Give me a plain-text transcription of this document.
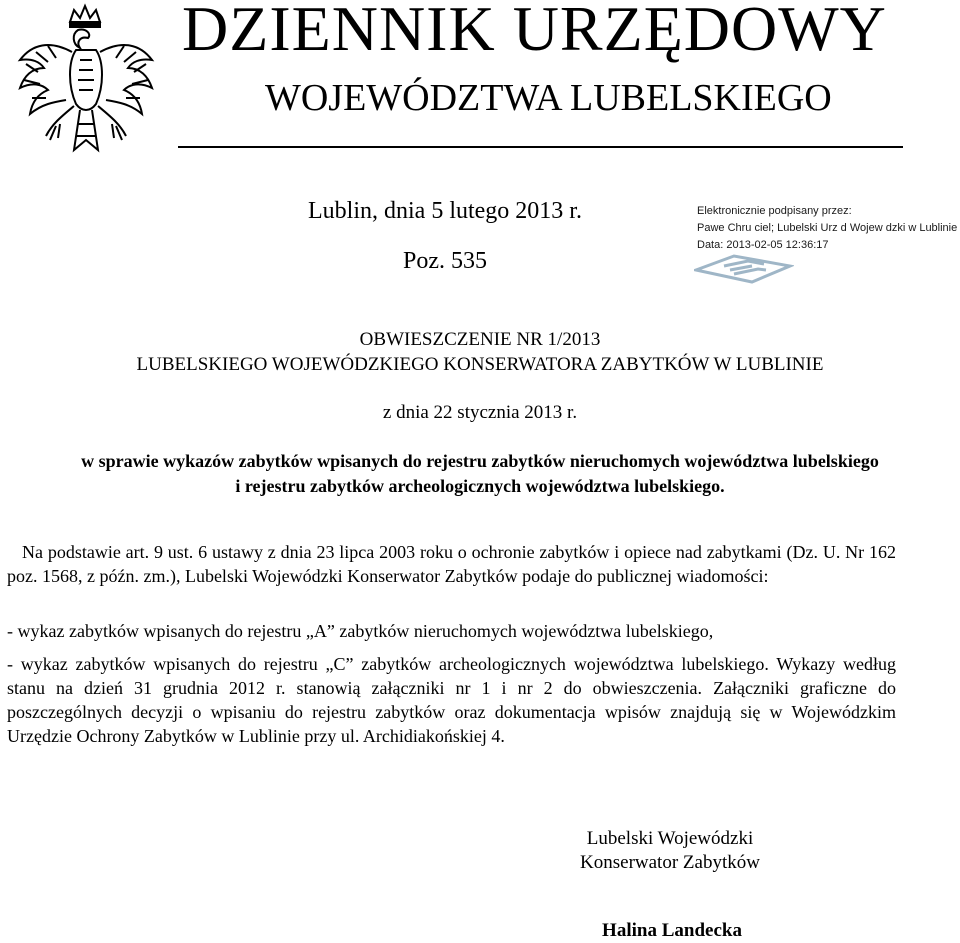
DZIENNIK URZĘDOWY
WOJEWÓDZTWA LUBELSKIEGO
Lublin, dnia 5 lutego 2013 r.
Poz. 535
Elektronicznie podpisany przez:
Pawe Chru ciel; Lubelski Urz d Wojew dzki w Lublinie
Data: 2013-02-05 12:36:17
OBWIESZCZENIE NR 1/2013
LUBELSKIEGO WOJEWÓDZKIEGO KONSERWATORA ZABYTKÓW W LUBLINIE
z dnia 22 stycznia 2013 r.
w sprawie wykazów zabytków wpisanych do rejestru zabytków nieruchomych województwa lubelskiego
i rejestru zabytków archeologicznych województwa lubelskiego.
Na podstawie art. 9 ust. 6 ustawy z dnia 23 lipca 2003 roku o ochronie zabytków i opiece nad zabytkami (Dz. U. Nr 162 poz. 1568, z późn. zm.), Lubelski Wojewódzki Konserwator Zabytków podaje do publicznej wiadomości:
- wykaz zabytków wpisanych do rejestru „A” zabytków nieruchomych województwa lubelskiego,
- wykaz zabytków wpisanych do rejestru „C” zabytków archeologicznych województwa lubelskiego. Wykazy według stanu na dzień 31 grudnia 2012 r. stanowią załączniki nr 1 i nr 2 do obwieszczenia. Załączniki graficzne do poszczególnych decyzji o wpisaniu do rejestru zabytków oraz dokumentacja wpisów znajdują się w Wojewódzkim Urzędzie Ochrony Zabytków w Lublinie przy ul. Archidiakońskiej 4.
Lubelski Wojewódzki
Konserwator Zabytków
Halina Landecka
